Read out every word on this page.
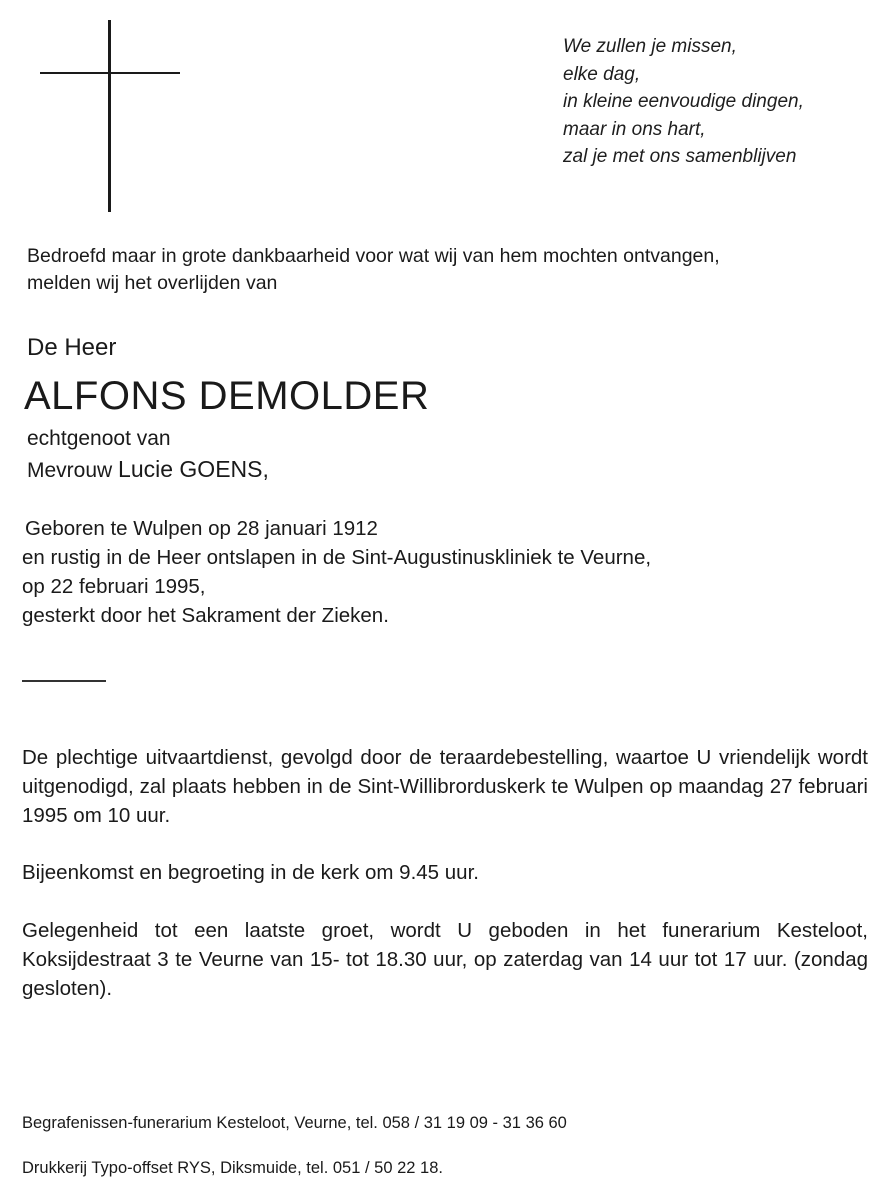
We zullen je missen,
elke dag,
in kleine eenvoudige dingen,
maar in ons hart,
zal je met ons samenblijven
Bedroefd maar in grote dankbaarheid voor wat wij van hem mochten ontvangen,
melden wij het overlijden van
De Heer
ALFONS DEMOLDER
echtgenoot van
Mevrouw Lucie GOENS,
Geboren te Wulpen op 28 januari 1912
en rustig in de Heer ontslapen in de Sint-Augustinuskliniek te Veurne,
op 22 februari 1995,
gesterkt door het Sakrament der Zieken.
De plechtige uitvaartdienst, gevolgd door de teraardebestelling, waartoe U vriendelijk wordt uitgenodigd, zal plaats hebben in de Sint-Willibrorduskerk te Wulpen op maandag 27 februari 1995 om 10 uur.
Bijeenkomst en begroeting in de kerk om 9.45 uur.
Gelegenheid tot een laatste groet, wordt U geboden in het funerarium Kesteloot, Koksijdestraat 3 te Veurne van 15- tot 18.30 uur, op zaterdag van 14 uur tot 17 uur. (zondag gesloten).
Begrafenissen-funerarium Kesteloot, Veurne, tel. 058 / 31 19 09 - 31 36 60
Drukkerij Typo-offset RYS, Diksmuide, tel. 051 / 50 22 18.
